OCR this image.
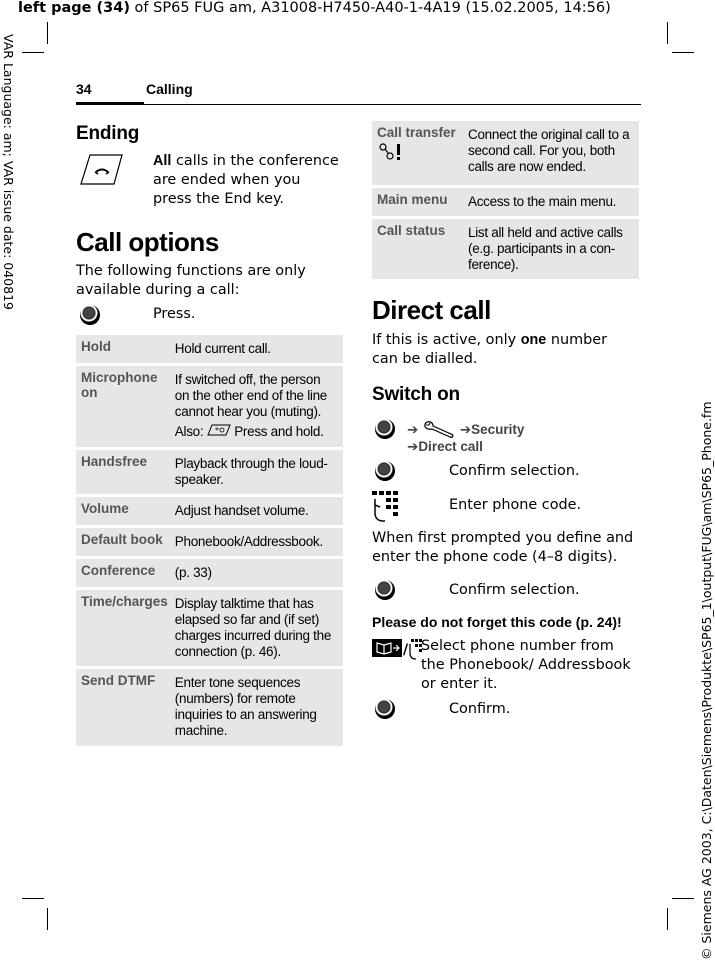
left page (34) of SP65 FUG am, A31008-H7450-A40-1-4A19 (15.02.2005, 14:56)
VAR Language: am; VAR issue date: 040819
© Siemens AG 2003, C:\Daten\Siemens\Produkte\SP65_1\output\FUG\am\SP65_Phone.fm
34	Calling
Ending
All calls in the conference are ended when you press the End key.
Call options
The following functions are only available during a call:
Press.
Hold	Hold current call.
Microphone on	If switched off, the person on the other end of the line cannot hear you (muting).
Also: * Press and hold.

Handsfree	Playback through the loud-speaker.
Volume	Adjust handset volume.
Default book	Phonebook/Addressbook.
Conference	(p. 33)
Time/charges	Display talktime that has elapsed so far and (if set) charges incurred during the connection (p. 46).
Send DTMF	Enter tone sequences (numbers) for remote inquiries to an answering machine.
Call transfer	Connect the original call to a second call. For you, both calls are now ended.
Main menu	Access to the main menu.
Call status	List all held and active calls (e.g. participants in a con-ference).
Direct call
If this is active, only one number can be dialled.
Switch on
➔	➔Security
➔Direct call
Confirm selection.
Enter phone code.
When first prompted you define and enter the phone code (4–8 digits).
Confirm selection.
Please do not forget this code (p. 24)!
/ Select phone number from the Phonebook/ Addressbook or enter it.
Confirm.
